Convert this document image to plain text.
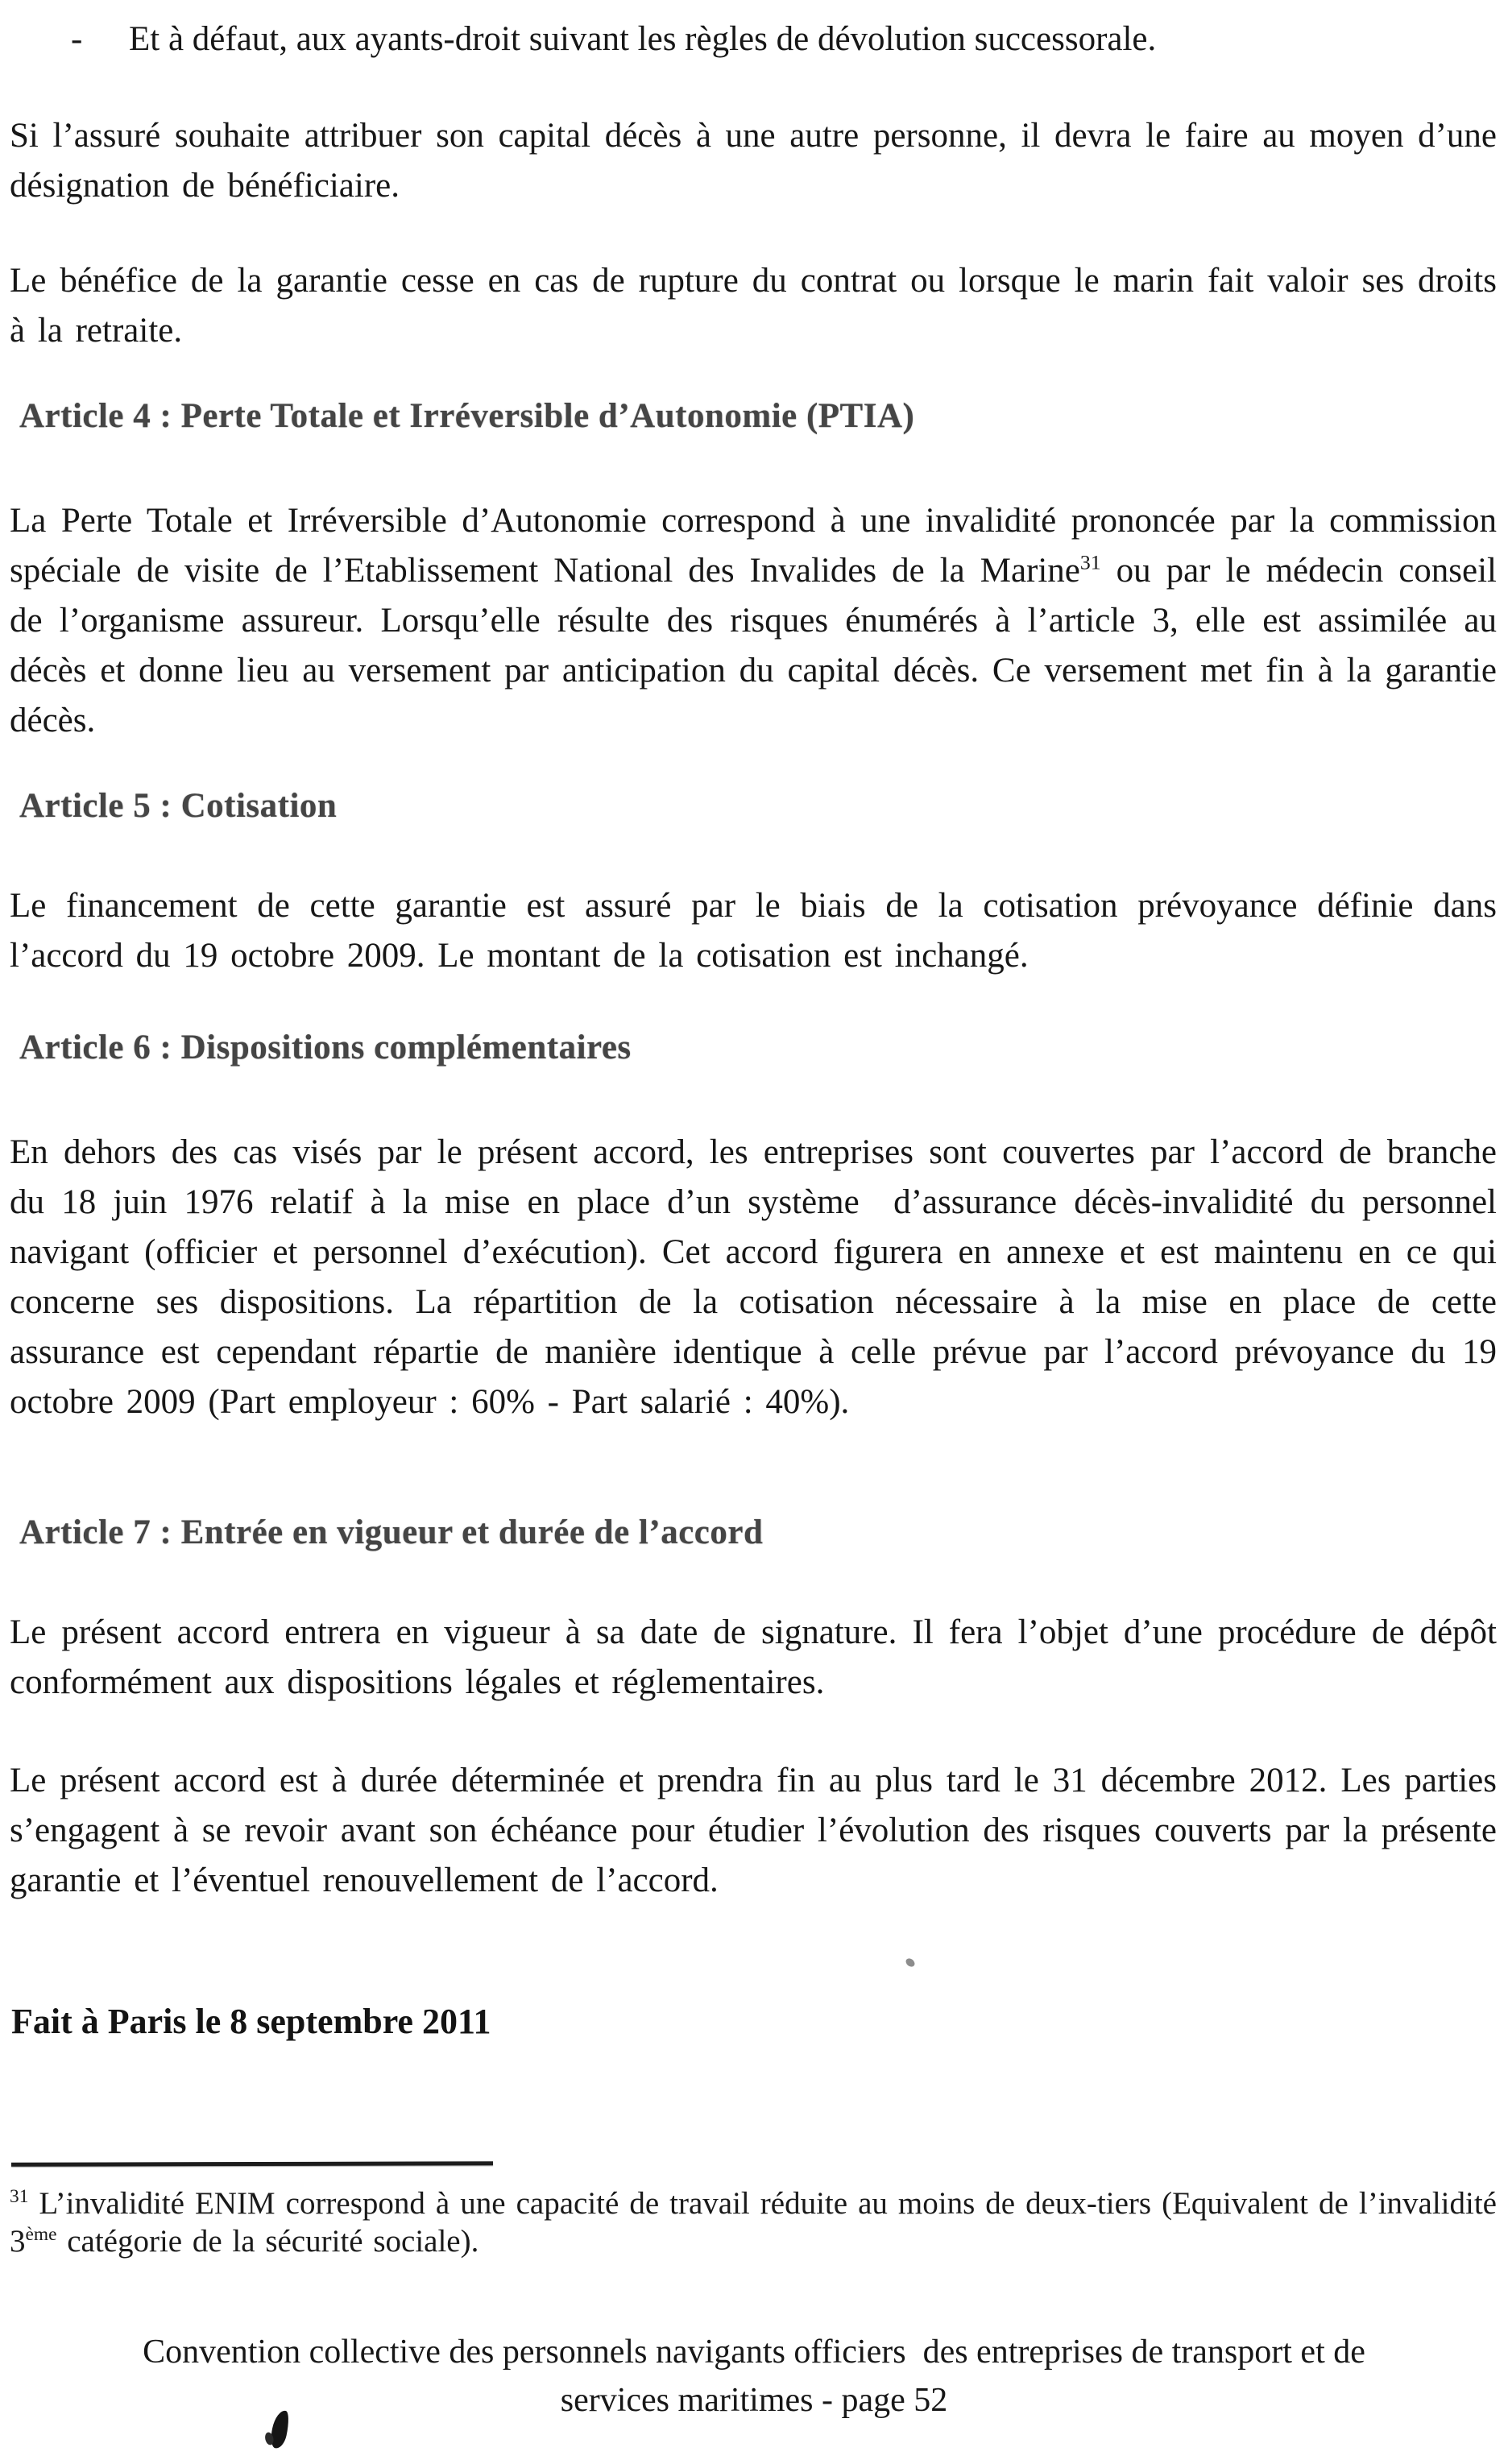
-	Et à défaut, aux ayants-droit suivant les règles de dévolution successorale.
Si l’assuré souhaite attribuer son capital décès à une autre personne, il devra le faire au moyen d’une désignation de bénéficiaire.
Le bénéfice de la garantie cesse en cas de rupture du contrat ou lorsque le marin fait valoir ses droits à la retraite.
Article 4 : Perte Totale et Irréversible d’Autonomie (PTIA)
La Perte Totale et Irréversible d’Autonomie correspond à une invalidité prononcée par la commission spéciale de visite de l’Etablissement National des Invalides de la Marine$^{31}$ ou par le médecin conseil de l’organisme assureur. Lorsqu’elle résulte des risques énumérés à l’article 3, elle est assimilée au décès et donne lieu au versement par anticipation du capital décès. Ce versement met fin à la garantie décès.
Article 5 : Cotisation
Le financement de cette garantie est assuré par le biais de la cotisation prévoyance définie dans l’accord du 19 octobre 2009. Le montant de la cotisation est inchangé.
Article 6 : Dispositions complémentaires
En dehors des cas visés par le présent accord, les entreprises sont couvertes par l’accord de branche du 18 juin 1976 relatif à la mise en place d’un système  d’assurance décès-invalidité du personnel navigant (officier et personnel d’exécution). Cet accord figurera en annexe et est maintenu en ce qui concerne ses dispositions. La répartition de la cotisation nécessaire à la mise en place de cette assurance est cependant répartie de manière identique à celle prévue par l’accord prévoyance du 19 octobre 2009 (Part employeur : 60% - Part salarié : 40%).
Article 7 : Entrée en vigueur et durée de l’accord
Le présent accord entrera en vigueur à sa date de signature. Il fera l’objet d’une procédure de dépôt conformément aux dispositions légales et réglementaires.
Le présent accord est à durée déterminée et prendra fin au plus tard le 31 décembre 2012. Les parties s’engagent à se revoir avant son échéance pour étudier l’évolution des risques couverts par la présente garantie et l’éventuel renouvellement de l’accord.
Fait à Paris le 8 septembre 2011
$^{31}$ L’invalidité ENIM correspond à une capacité de travail réduite au moins de deux-tiers (Equivalent de l’invalidité 3ème catégorie de la sécurité sociale).
Convention collective des personnels navigants officiers  des entreprises de transport et de
services maritimes - page 52
